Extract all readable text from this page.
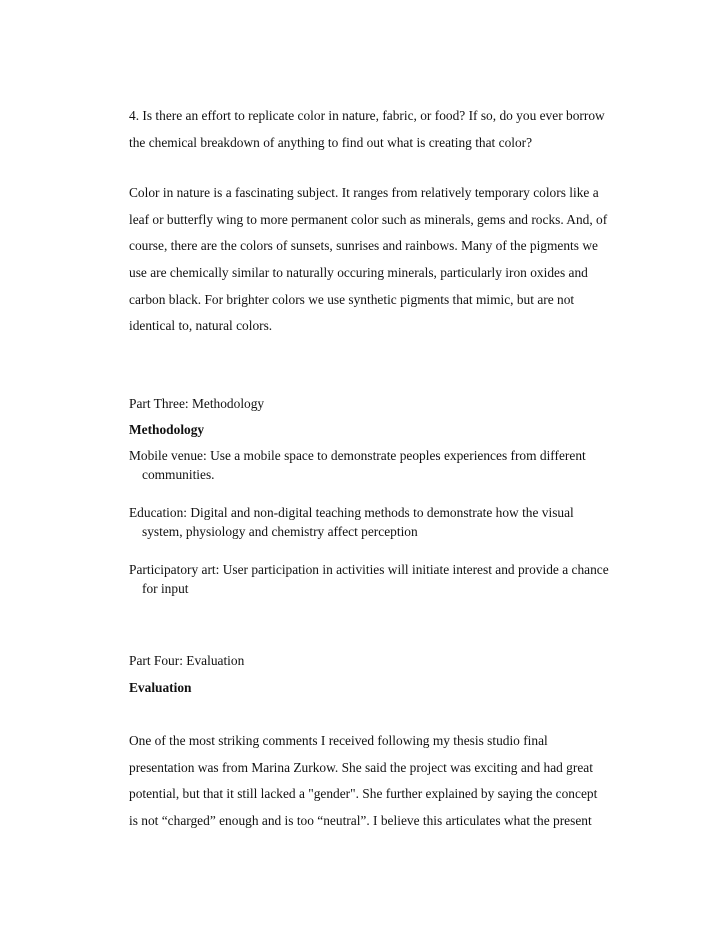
4. Is there an effort to replicate color in nature, fabric, or food? If so, do you ever borrow
the chemical breakdown of anything to find out what is creating that color?
Color in nature is a fascinating subject. It ranges from relatively temporary colors like a
leaf or butterfly wing to more permanent color such as minerals, gems and rocks. And, of
course, there are the colors of sunsets, sunrises and rainbows. Many of the pigments we
use are chemically similar to naturally occuring minerals, particularly iron oxides and
carbon black. For brighter colors we use synthetic pigments that mimic, but are not
identical to, natural colors.
Part Three: Methodology
Methodology
Mobile venue: Use a mobile space to demonstrate peoples experiences from different
communities.
Education: Digital and non-digital teaching methods to demonstrate how the visual
system, physiology and chemistry affect perception
Participatory art: User participation in activities will initiate interest and provide a chance
for input
Part Four: Evaluation
Evaluation
One of the most striking comments I received following my thesis studio final
presentation was from Marina Zurkow. She said the project was exciting and had great
potential, but that it still lacked a "gender". She further explained by saying the concept
is not “charged” enough and is too “neutral”. I believe this articulates what the present
